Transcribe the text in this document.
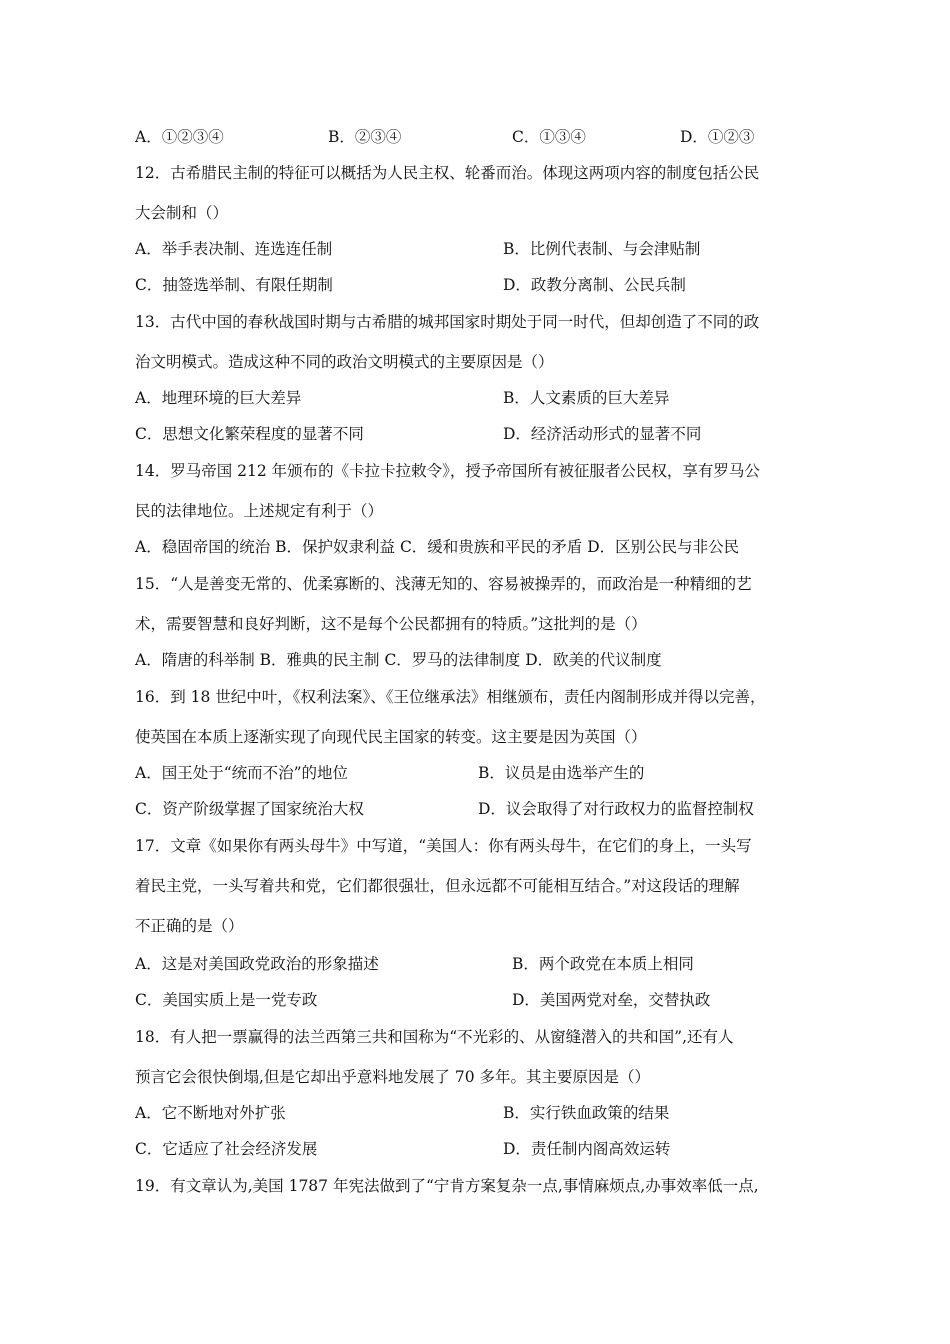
A．①②③④	B．②③④	C．①③④	D．①②③
12．古希腊民主制的特征可以概括为人民主权、轮番而治。体现这两项内容的制度包括公民
大会制和（）
A．举手表决制、连选连任制	B．比例代表制、与会津贴制
C．抽签选举制、有限任期制	D．政教分离制、公民兵制
13．古代中国的春秋战国时期与古希腊的城邦国家时期处于同一时代，但却创造了不同的政
治文明模式。造成这种不同的政治文明模式的主要原因是（）
A．地理环境的巨大差异	B．人文素质的巨大差异
C．思想文化繁荣程度的显著不同	D．经济活动形式的显著不同
14．罗马帝国 212 年颁布的《卡拉卡拉敕令》，授予帝国所有被征服者公民权，享有罗马公
民的法律地位。上述规定有利于（）
A．稳固帝国的统治 B．保护奴隶利益 C．缓和贵族和平民的矛盾 D．区别公民与非公民
15．“人是善变无常的、优柔寡断的、浅薄无知的、容易被操弄的，而政治是一种精细的艺
术，需要智慧和良好判断，这不是每个公民都拥有的特质。”这批判的是（）
A．隋唐的科举制 B．雅典的民主制 C．罗马的法律制度 D．欧美的代议制度
16．到 18 世纪中叶，《权利法案》、《王位继承法》相继颁布，责任内阁制形成并得以完善，
使英国在本质上逐渐实现了向现代民主国家的转变。这主要是因为英国（）
A．国王处于“统而不治”的地位	B．议员是由选举产生的
C．资产阶级掌握了国家统治大权	D．议会取得了对行政权力的监督控制权
17．文章《如果你有两头母牛》中写道，“美国人：你有两头母牛，在它们的身上，一头写
着民主党，一头写着共和党，它们都很强壮，但永远都不可能相互结合。”对这段话的理解
不正确的是（）
A．这是对美国政党政治的形象描述	B．两个政党在本质上相同
C．美国实质上是一党专政	D．美国两党对垒，交替执政
18．有人把一票赢得的法兰西第三共和国称为“不光彩的、从窗缝潜入的共和国”,还有人
预言它会很快倒塌,但是它却出乎意料地发展了 70 多年。其主要原因是（）
A．它不断地对外扩张	B．实行铁血政策的结果
C．它适应了社会经济发展	D．责任制内阁高效运转
19．有文章认为,美国 1787 年宪法做到了“宁肯方案复杂一点,事情麻烦点,办事效率低一点,
